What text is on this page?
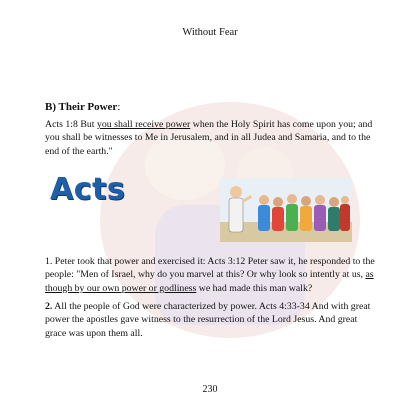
Without Fear
B) Their Power:
Acts 1:8 But you shall receive power when the Holy Spirit has come upon you; and you shall be witnesses to Me in Jerusalem, and in all Judea and Samaria, and to the end of the earth."
Acts
1. Peter took that power and exercised it: Acts 3:12 Peter saw it, he responded to the people: "Men of Israel, why do you marvel at this? Or why look so intently at us, as though by our own power or godliness we had made this man walk?
2. All the people of God were characterized by power. Acts 4:33-34 And with great power the apostles gave witness to the resurrection of the Lord Jesus. And great grace was upon them all.
230
